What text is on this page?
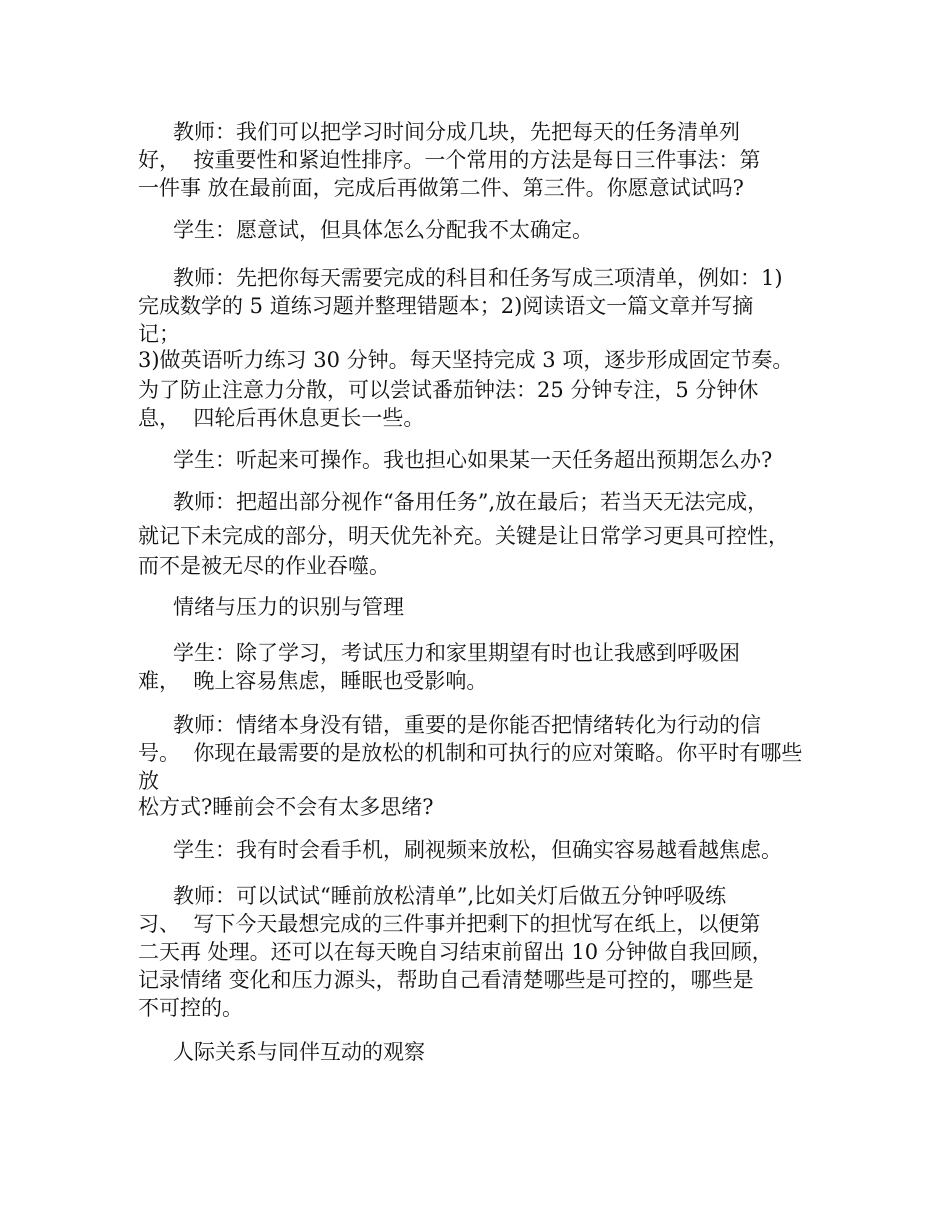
教师：我们可以把学习时间分成几块，先把每天的任务清单列
好，  按重要性和紧迫性排序。一个常用的方法是每日三件事法：第
一件事 放在最前面，完成后再做第二件、第三件。你愿意试试吗?
学生：愿意试，但具体怎么分配我不太确定。
教师：先把你每天需要完成的科目和任务写成三项清单，例如：1)
完成数学的 5 道练习题并整理错题本；2)阅读语文一篇文章并写摘
记；
3)做英语听力练习 30 分钟。每天坚持完成 3 项，逐步形成固定节奏。
为了防止注意力分散，可以尝试番茄钟法：25 分钟专注，5 分钟休
息，  四轮后再休息更长一些。
学生：听起来可操作。我也担心如果某一天任务超出预期怎么办?
教师：把超出部分视作“备用任务”,放在最后；若当天无法完成，
就记下未完成的部分，明天优先补充。关键是让日常学习更具可控性，
而不是被无尽的作业吞噬。
情绪与压力的识别与管理
学生：除了学习，考试压力和家里期望有时也让我感到呼吸困
难，  晚上容易焦虑，睡眠也受影响。
教师：情绪本身没有错，重要的是你能否把情绪转化为行动的信
号。  你现在最需要的是放松的机制和可执行的应对策略。你平时有哪些
放
松方式?睡前会不会有太多思绪?
学生：我有时会看手机，刷视频来放松，但确实容易越看越焦虑。
教师：可以试试“睡前放松清单”,比如关灯后做五分钟呼吸练
习、  写下今天最想完成的三件事并把剩下的担忧写在纸上，以便第
二天再 处理。还可以在每天晚自习结束前留出 10 分钟做自我回顾，
记录情绪 变化和压力源头，帮助自己看清楚哪些是可控的，哪些是
不可控的。
人际关系与同伴互动的观察
